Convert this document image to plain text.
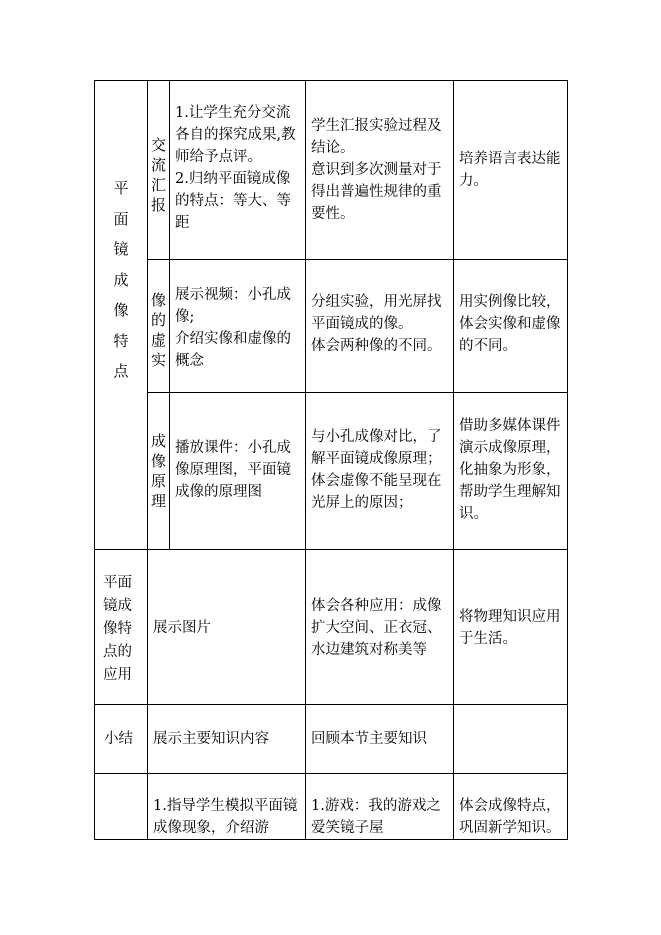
平
面
镜
成
像
特
点
交
流
汇
报
1.让学生充分交流各自的探究成果,教师给予点评。
2.归纳平面镜成像的特点：等大、等距
学生汇报实验过程及结论。
意识到多次测量对于得出普遍性规律的重要性。
培养语言表达能力。
像
的
虚
实
展示视频：小孔成像;
介绍实像和虚像的概念
分组实验，用光屏找平面镜成的像。
体会两种像的不同。
用实例像比较，体会实像和虚像的不同。
成
像
原
理
播放课件：小孔成像原理图，平面镜成像的原理图
与小孔成像对比，了解平面镜成像原理；
体会虚像不能呈现在光屏上的原因；
借助多媒体课件演示成像原理，化抽象为形象，帮助学生理解知识。
平面镜成像特点的应用
展示图片
体会各种应用：成像扩大空间、正衣冠、水边建筑对称美等
将物理知识应用于生活。
小结	展示主要知识内容	回顾本节主要知识
1.指导学生模拟平面镜成像现象，介绍游
1.游戏：我的游戏之爱笑镜子屋
体会成像特点，巩固新学知识。
